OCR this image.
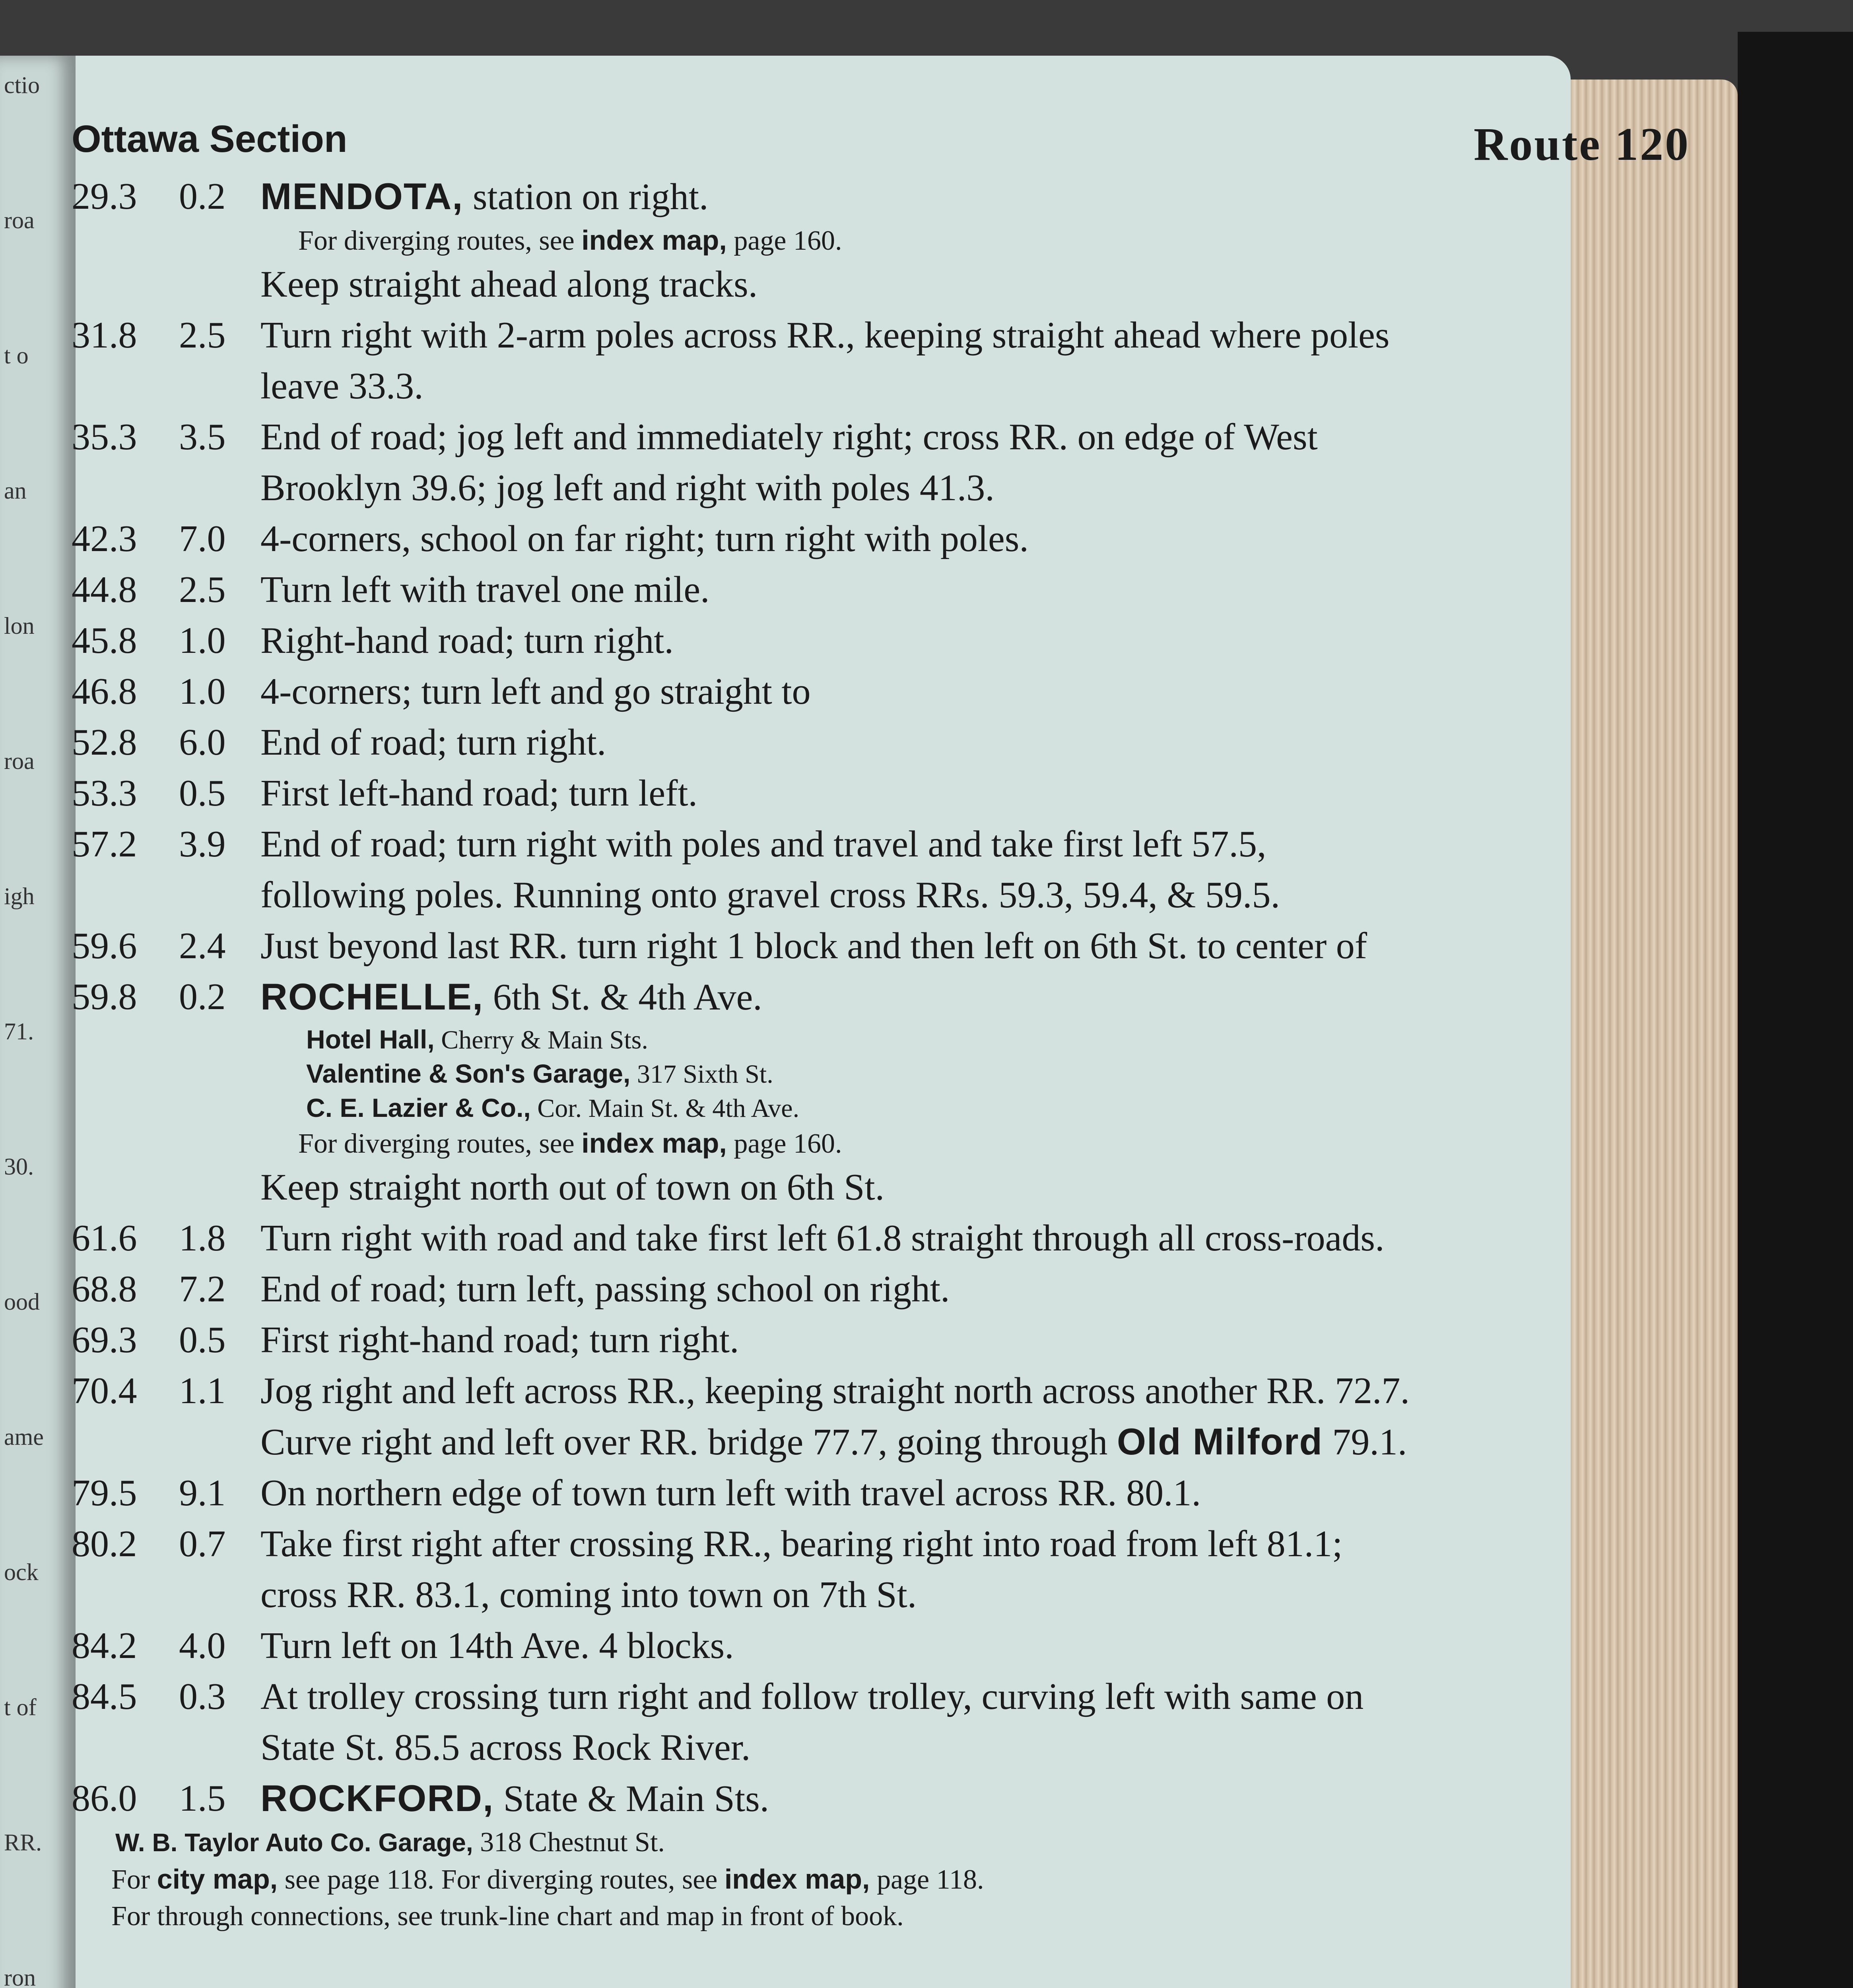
ctio
roa
t o
an
lon
roa
igh
71.
30.
ood
ame
ock
t of
RR.
ron
Ottawa Section	Route 120
29.3	0.2 MENDOTA, station on right.
For diverging routes, see index map, page 160.
Keep straight ahead along tracks.
31.8	2.5 Turn right with 2-arm poles across RR., keeping straight ahead where poles leave 33.3.
35.3	3.5 End of road; jog left and immediately right; cross RR. on edge of West Brooklyn 39.6; jog left and right with poles 41.3.
42.3	7.0 4-corners, school on far right; turn right with poles.
44.8	2.5 Turn left with travel one mile.
45.8	1.0 Right-hand road; turn right.
46.8	1.0 4-corners; turn left and go straight to
52.8	6.0 End of road; turn right.
53.3	0.5 First left-hand road; turn left.
57.2	3.9 End of road; turn right with poles and travel and take first left 57.5, following poles. Running onto gravel cross RRs. 59.3, 59.4, & 59.5.
59.6	2.4 Just beyond last RR. turn right 1 block and then left on 6th St. to center of
59.8	0.2 ROCHELLE, 6th St. & 4th Ave.
Hotel Hall, Cherry & Main Sts.
Valentine & Son's Garage, 317 Sixth St.
C. E. Lazier & Co., Cor. Main St. & 4th Ave.
For diverging routes, see index map, page 160.
Keep straight north out of town on 6th St.
61.6	1.8 Turn right with road and take first left 61.8 straight through all cross-roads.
68.8	7.2 End of road; turn left, passing school on right.
69.3	0.5 First right-hand road; turn right.
70.4	1.1 Jog right and left across RR., keeping straight north across another RR. 72.7. Curve right and left over RR. bridge 77.7, going through Old Milford 79.1.
79.5	9.1 On northern edge of town turn left with travel across RR. 80.1.
80.2	0.7 Take first right after crossing RR., bearing right into road from left 81.1; cross RR. 83.1, coming into town on 7th St.
84.2	4.0 Turn left on 14th Ave. 4 blocks.
84.5	0.3 At trolley crossing turn right and follow trolley, curving left with same on State St. 85.5 across Rock River.
86.0	1.5 ROCKFORD, State & Main Sts.
W. B. Taylor Auto Co. Garage, 318 Chestnut St.
For city map, see page 118. For diverging routes, see index map, page 118.
For through connections, see trunk-line chart and map in front of book.
